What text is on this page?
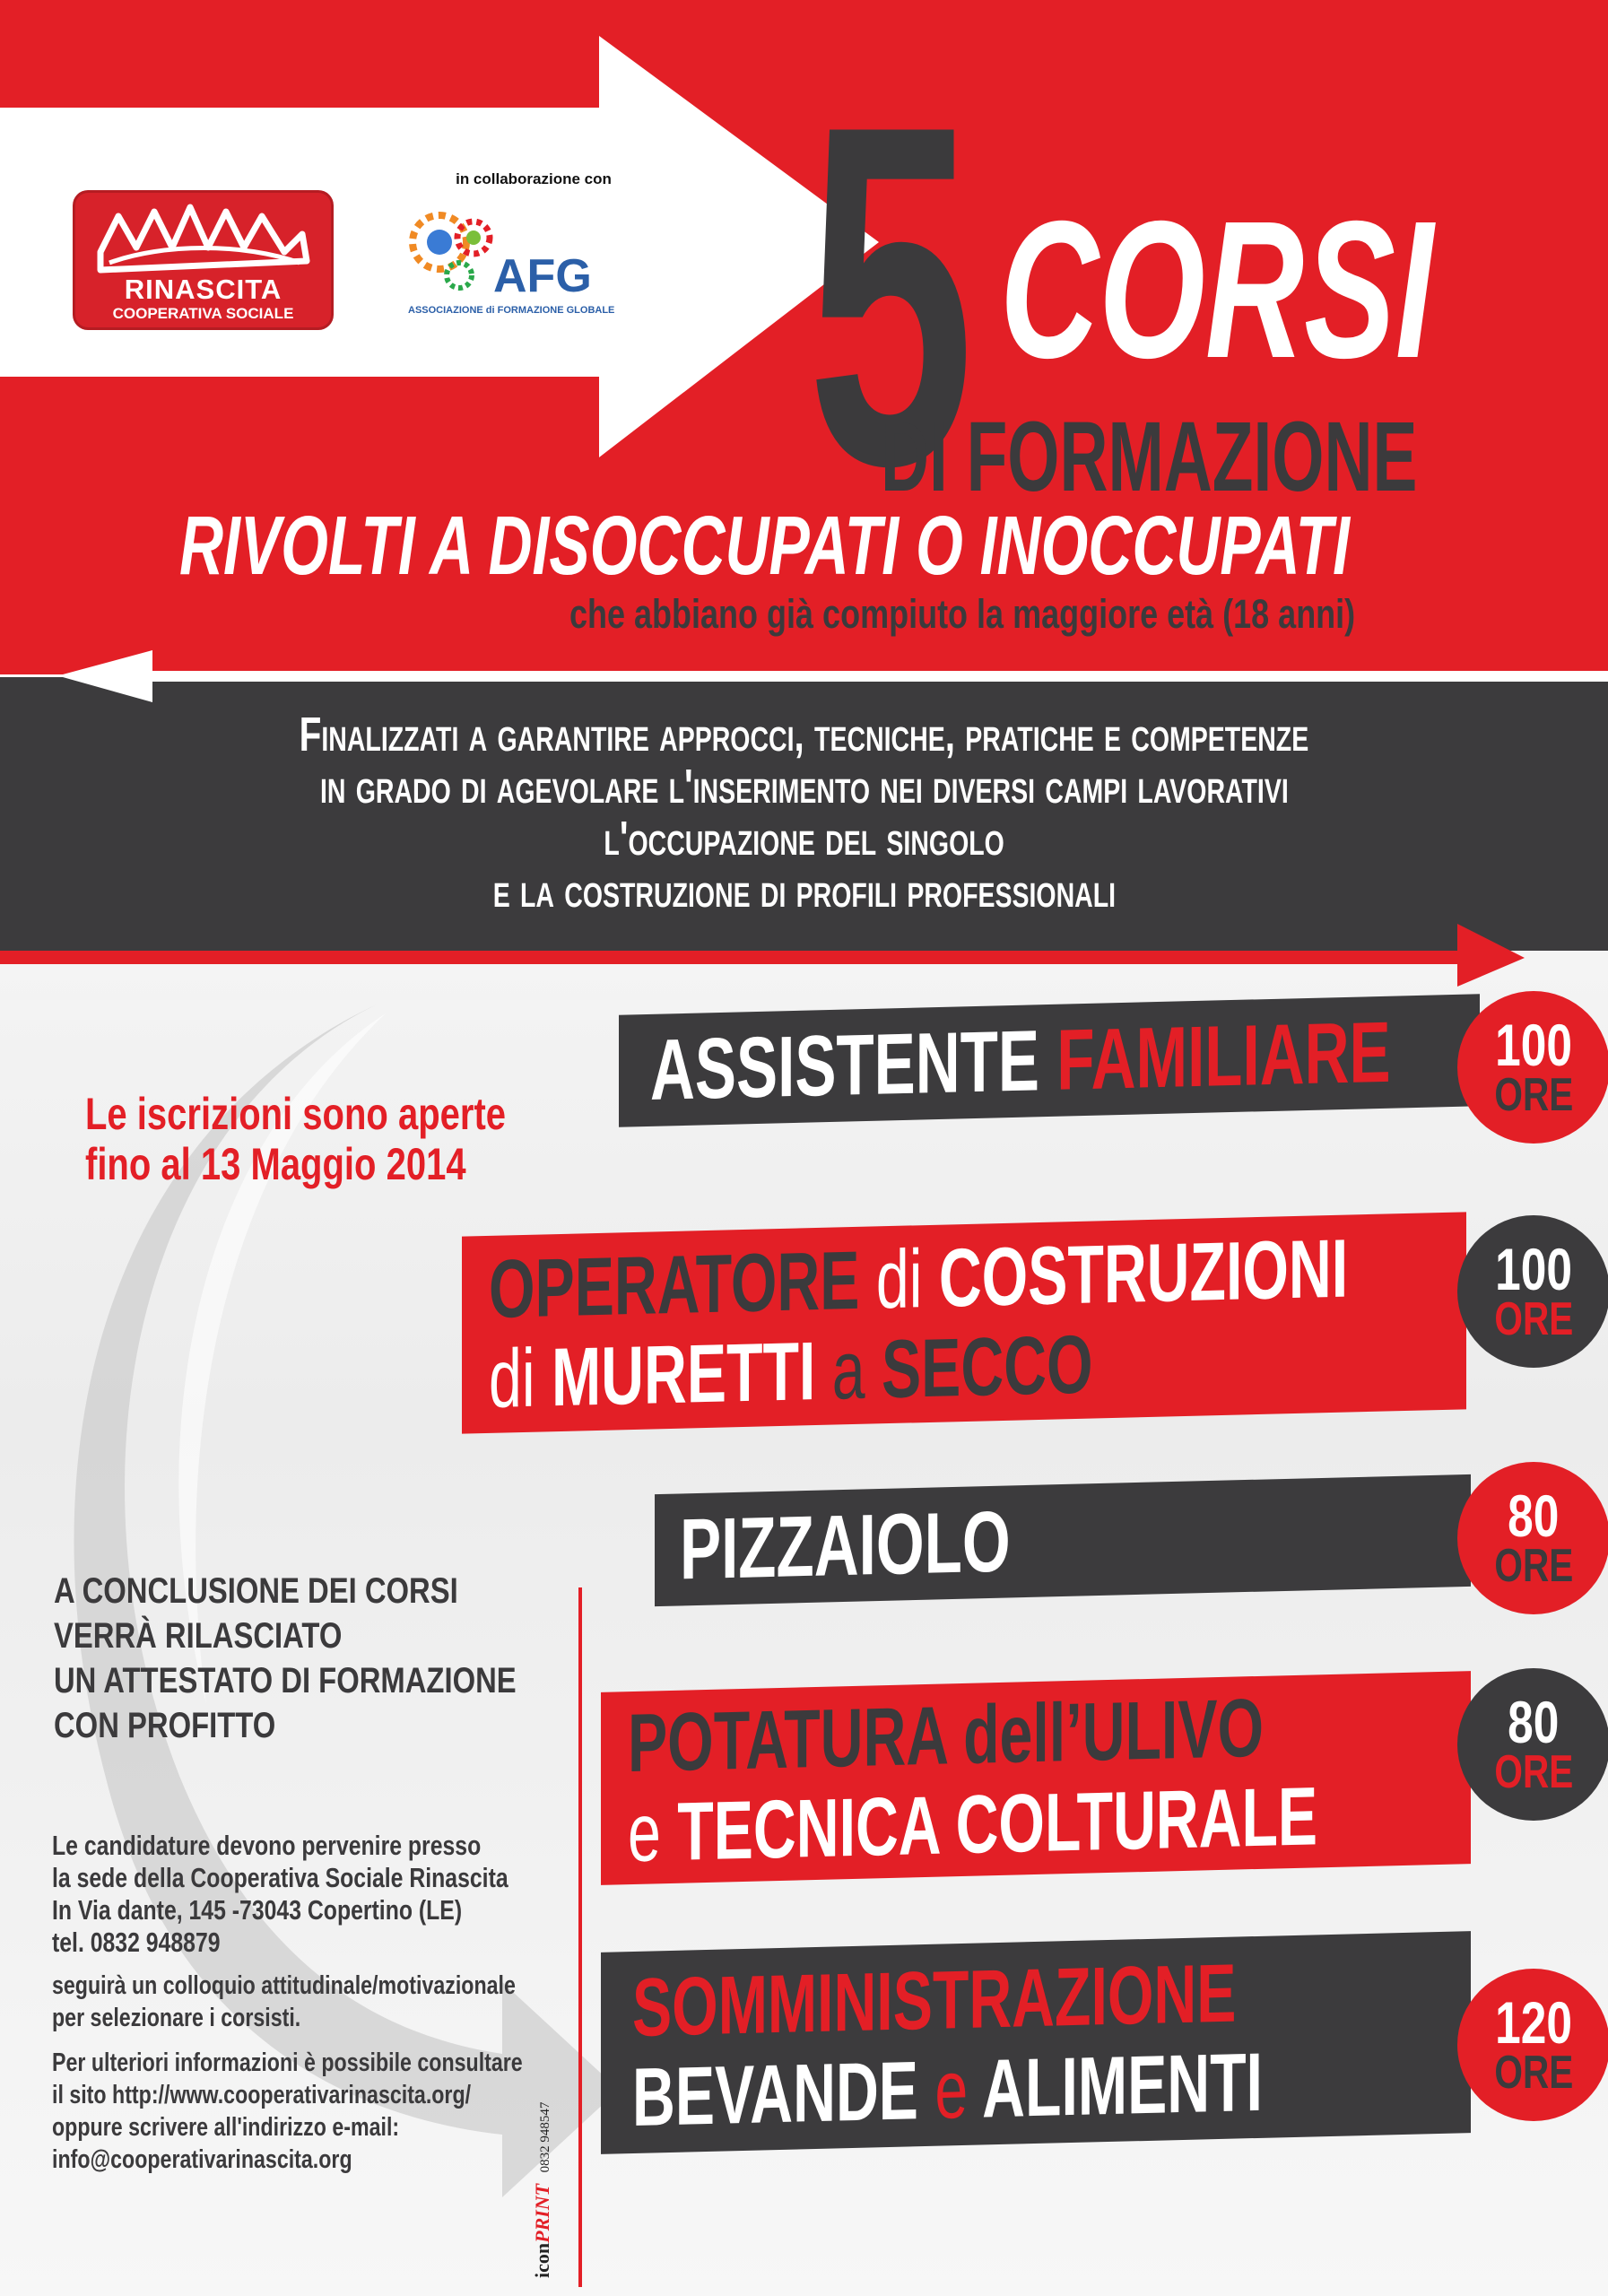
RINASCITA
COOPERATIVA SOCIALE
in collaborazione con
AFG
ASSOCIAZIONE di FORMAZIONE GLOBALE 5 CORSI
DI FORMAZIONE
RIVOLTI A DISOCCUPATI O INOCCUPATI
che abbiano già compiuto la maggiore età (18 anni)
Finalizzati a garantire approcci, tecniche, pratiche e competenze
in grado di agevolare l'inserimento nei diversi campi lavorativi
l'occupazione del singolo
e la costruzione di profili professionali
Le iscrizioni sono aperte
fino al 13 Maggio 2014
A CONCLUSIONE DEI CORSI
VERRÀ RILASCIATO
UN ATTESTATO DI FORMAZIONE
CON PROFITTO
Le candidature devono pervenire presso
la sede della Cooperativa Sociale Rinascita
In Via dante, 145 -73043 Copertino (LE)
tel. 0832 948879
seguirà un colloquio attitudinale/motivazionale
per selezionare i corsisti.
Per ulteriori informazioni è possibile consultare
il sito http://www.cooperativarinascita.org/
oppure scrivere all'indirizzo e-mail:
info@cooperativarinascita.org
iconPRINT 0832 948547
ASSISTENTE FAMILIARE	100
ORE
OPERATORE di COSTRUZIONI
di MURETTI a SECCO
100
ORE
PIZZAIOLO	80
ORE
POTATURA dell’ULIVO
e TECNICA COLTURALE
80
ORE
SOMMINISTRAZIONE
BEVANDE e ALIMENTI
120
ORE
